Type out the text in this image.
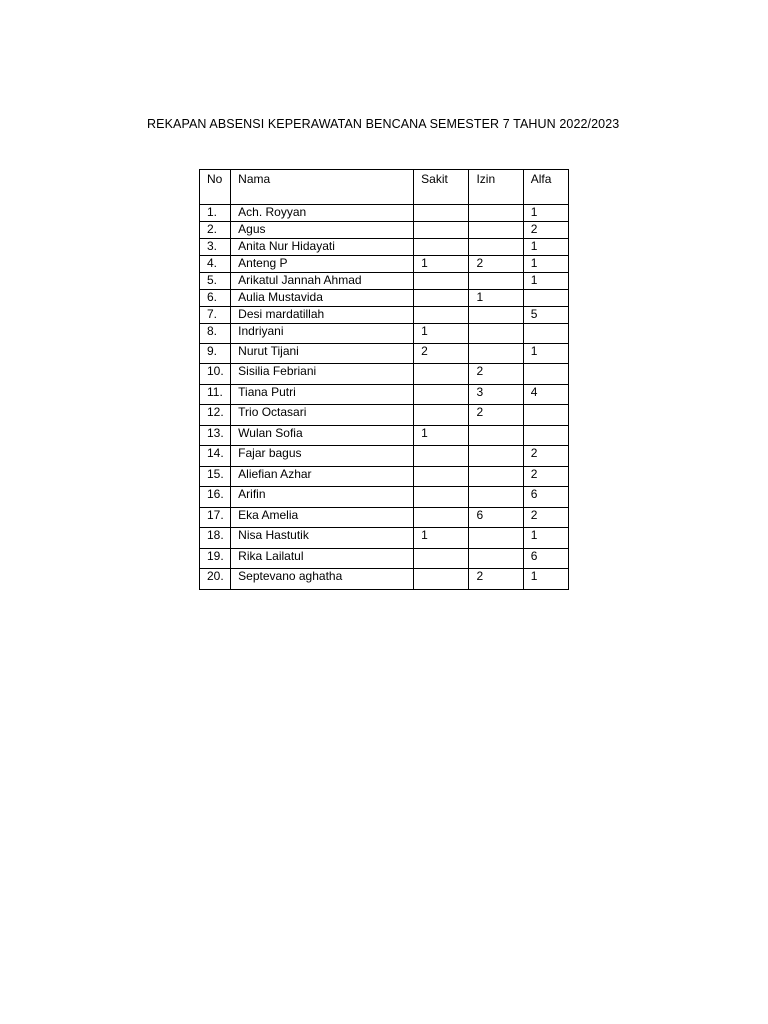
REKAPAN ABSENSI KEPERAWATAN BENCANA SEMESTER 7 TAHUN 2022/2023
No	Nama	Sakit	Izin	Alfa
1.	Ach. Royyan			1
2.	Agus			2
3.	Anita Nur Hidayati			1
4.	Anteng P	1	2	1
5.	Arikatul Jannah Ahmad			1
6.	Aulia Mustavida		1	
7.	Desi mardatillah			5
8.	Indriyani	1		
9.	Nurut Tijani	2		1
10.	Sisilia Febriani		2	
11.	Tiana Putri		3	4
12.	Trio Octasari		2	
13.	Wulan Sofia	1		
14.	Fajar bagus			2
15.	Aliefian Azhar			2
16.	Arifin			6
17.	Eka Amelia		6	2
18.	Nisa Hastutik	1		1
19.	Rika Lailatul			6
20.	Septevano aghatha		2	1
